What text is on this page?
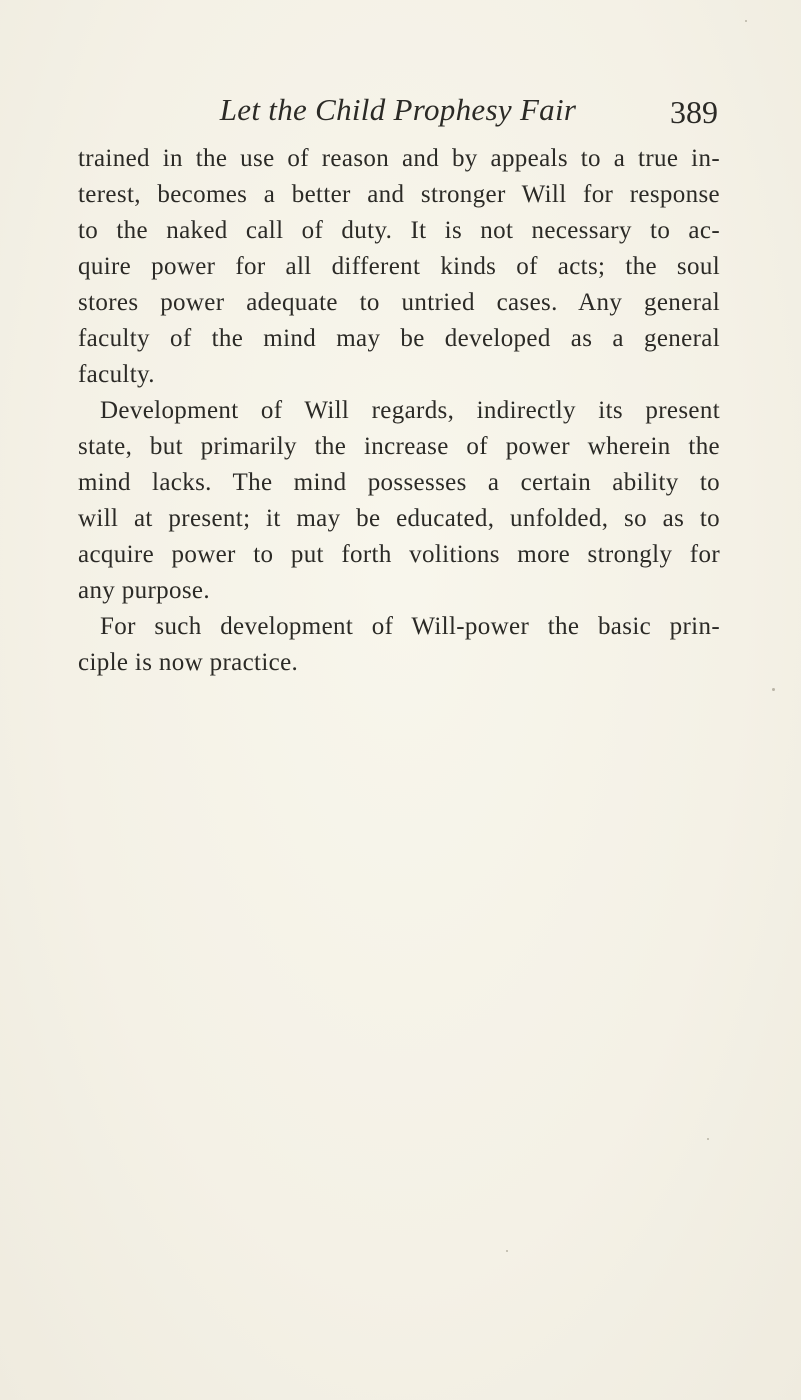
Let the Child Prophesy Fair	389
trained in the use of reason and by appeals to a true in-
terest, becomes a better and stronger Will for response
to the naked call of duty. It is not necessary to ac-
quire power for all different kinds of acts; the soul
stores power adequate to untried cases. Any general
faculty of the mind may be developed as a general
faculty.
Development of Will regards, indirectly its present
state, but primarily the increase of power wherein the
mind lacks. The mind possesses a certain ability to
will at present; it may be educated, unfolded, so as to
acquire power to put forth volitions more strongly for
any purpose.
For such development of Will-power the basic prin-
ciple is now practice.
